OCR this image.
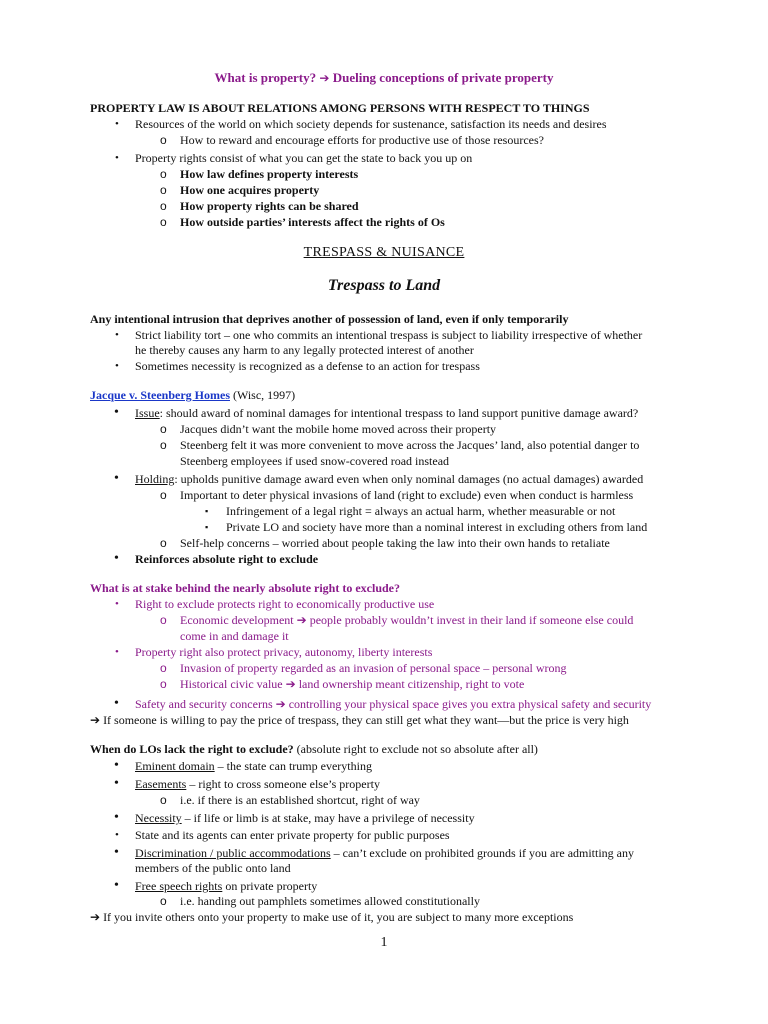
What is property? ➔ Dueling conceptions of private property
PROPERTY LAW IS ABOUT RELATIONS AMONG PERSONS WITH RESPECT TO THINGS
• Resources of the world on which society depends for sustenance, satisfaction its needs and desires
o How to reward and encourage efforts for productive use of those resources?
• Property rights consist of what you can get the state to back you up on
o How law defines property interests
o How one acquires property
o How property rights can be shared
o How outside parties’ interests affect the rights of Os
TRESPASS & NUISANCE
Trespass to Land
Any intentional intrusion that deprives another of possession of land, even if only temporarily
• Strict liability tort – one who commits an intentional trespass is subject to liability irrespective of whether
he thereby causes any harm to any legally protected interest of another
• Sometimes necessity is recognized as a defense to an action for trespass
Jacque v. Steenberg Homes (Wisc, 1997)
• Issue: should award of nominal damages for intentional trespass to land support punitive damage award?
o Jacques didn’t want the mobile home moved across their property
o Steenberg felt it was more convenient to move across the Jacques’ land, also potential danger to
Steenberg employees if used snow-covered road instead
• Holding: upholds punitive damage award even when only nominal damages (no actual damages) awarded
o Important to deter physical invasions of land (right to exclude) even when conduct is harmless
▪ Infringement of a legal right = always an actual harm, whether measurable or not
▪ Private LO and society have more than a nominal interest in excluding others from land
o Self-help concerns – worried about people taking the law into their own hands to retaliate
• Reinforces absolute right to exclude
What is at stake behind the nearly absolute right to exclude?
• Right to exclude protects right to economically productive use
o Economic development ➔ people probably wouldn’t invest in their land if someone else could
come in and damage it
• Property right also protect privacy, autonomy, liberty interests
o Invasion of property regarded as an invasion of personal space – personal wrong
o Historical civic value ➔ land ownership meant citizenship, right to vote
• Safety and security concerns ➔ controlling your physical space gives you extra physical safety and security
➔ If someone is willing to pay the price of trespass, they can still get what they want—but the price is very high
When do LOs lack the right to exclude? (absolute right to exclude not so absolute after all)
• Eminent domain – the state can trump everything
• Easements – right to cross someone else’s property
o i.e. if there is an established shortcut, right of way
• Necessity – if life or limb is at stake, may have a privilege of necessity
• State and its agents can enter private property for public purposes
• Discrimination / public accommodations – can’t exclude on prohibited grounds if you are admitting any
members of the public onto land
• Free speech rights on private property
o i.e. handing out pamphlets sometimes allowed constitutionally
➔ If you invite others onto your property to make use of it, you are subject to many more exceptions
1
